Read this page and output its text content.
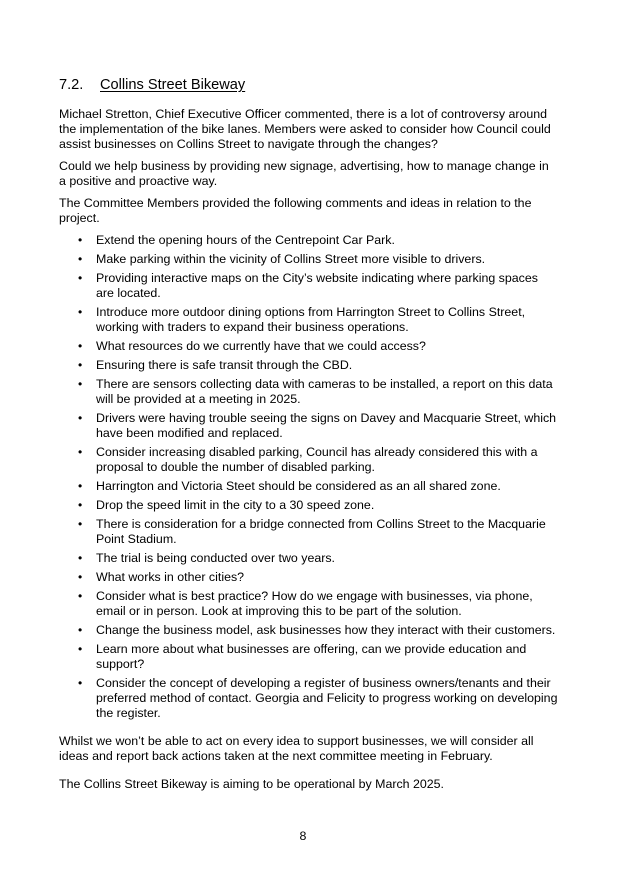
7.2. Collins Street Bikeway

Michael Stretton, Chief Executive Officer commented, there is a lot of controversy around the implementation of the bike lanes. Members were asked to consider how Council could assist businesses on Collins Street to navigate through the changes?

Could we help business by providing new signage, advertising, how to manage change in a positive and proactive way.

The Committee Members provided the following comments and ideas in relation to the project.

• Extend the opening hours of the Centrepoint Car Park.
• Make parking within the vicinity of Collins Street more visible to drivers.
• Providing interactive maps on the City’s website indicating where parking spaces are located.
• Introduce more outdoor dining options from Harrington Street to Collins Street, working with traders to expand their business operations.
• What resources do we currently have that we could access?
• Ensuring there is safe transit through the CBD.
• There are sensors collecting data with cameras to be installed, a report on this data will be provided at a meeting in 2025.
• Drivers were having trouble seeing the signs on Davey and Macquarie Street, which have been modified and replaced.
• Consider increasing disabled parking, Council has already considered this with a proposal to double the number of disabled parking.
• Harrington and Victoria Steet should be considered as an all shared zone.
• Drop the speed limit in the city to a 30 speed zone.
• There is consideration for a bridge connected from Collins Street to the Macquarie Point Stadium.
• The trial is being conducted over two years.
• What works in other cities?
• Consider what is best practice? How do we engage with businesses, via phone, email or in person. Look at improving this to be part of the solution.
• Change the business model, ask businesses how they interact with their customers.
• Learn more about what businesses are offering, can we provide education and support?
• Consider the concept of developing a register of business owners/tenants and their preferred method of contact. Georgia and Felicity to progress working on developing the register.

Whilst we won’t be able to act on every idea to support businesses, we will consider all ideas and report back actions taken at the next committee meeting in February.

The Collins Street Bikeway is aiming to be operational by March 2025.

8
